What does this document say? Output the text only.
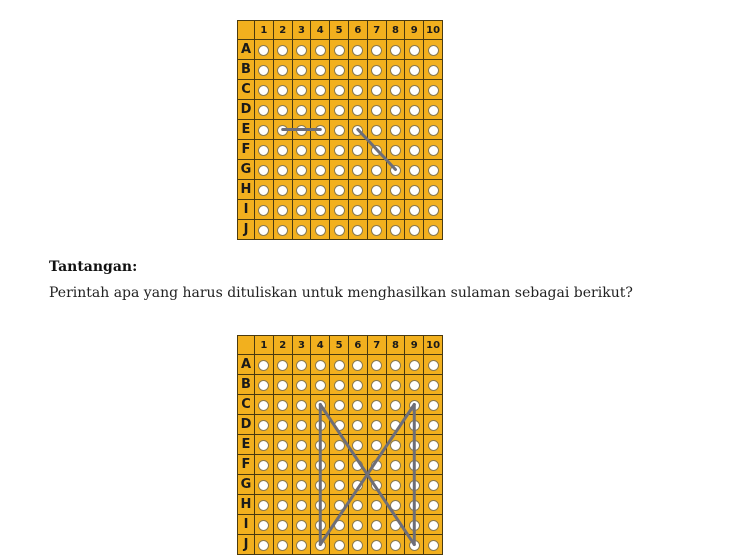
	1	2	3	4	5	6	7	8	9	10
A										
B										
C										
D										
E										
F										
G										
H										
I										
J										
Tantangan:

Perintah apa yang harus dituliskan untuk menghasilkan sulaman sebagai berikut?

	1	2	3	4	5	6	7	8	9	10
A										
B										
C										
D										
E										
F										
G										
H										
I										
J										
